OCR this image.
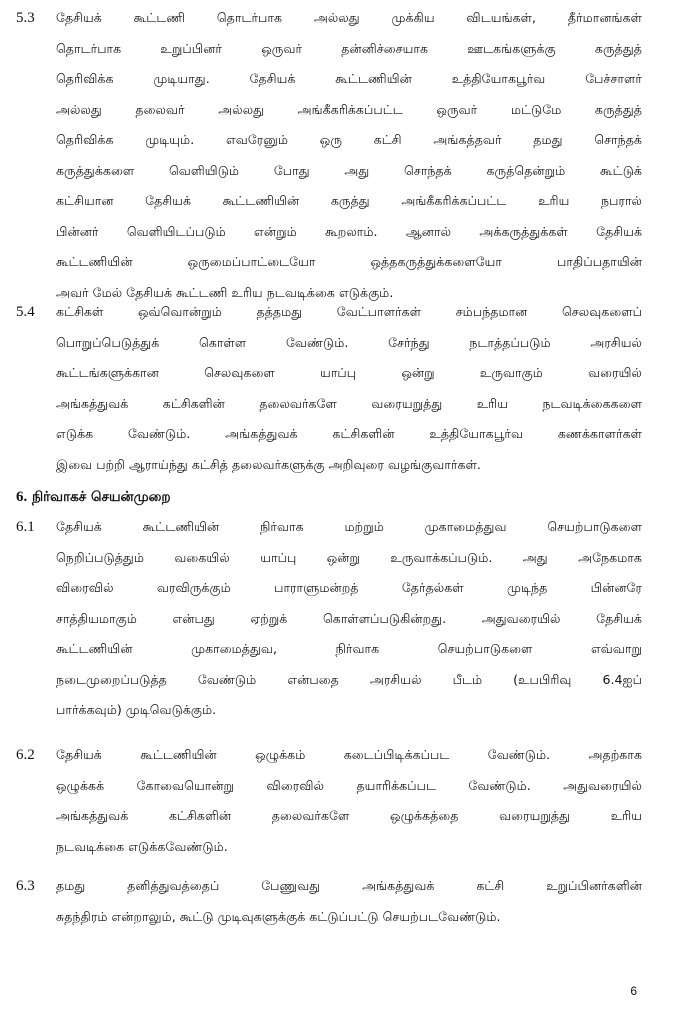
5.3	தேசியக் கூட்டணி தொடர்பாக அல்லது முக்கிய விடயங்கள், தீர்மானங்கள்
தொடர்பாக உறுப்பினர் ஒருவர் தன்னிச்சையாக ஊடகங்களுக்கு கருத்துத்
தெரிவிக்க முடியாது. தேசியக் கூட்டணியின் உத்தியோகபூர்வ பேச்சாளர்
அல்லது தலைவர் அல்லது அங்கீகரிக்கப்பட்ட ஒருவர் மட்டுமே கருத்துத்
தெரிவிக்க முடியும். எவரேனும் ஒரு கட்சி அங்கத்தவர் தமது சொந்தக்
கருத்துக்களை வெளியிடும் போது அது சொந்தக் கருத்தென்றும் கூட்டுக்
கட்சியான தேசியக் கூட்டணியின் கருத்து அங்கீகரிக்கப்பட்ட உரிய நபரால்
பின்னர் வெளியிடப்படும் என்றும் கூறலாம். ஆனால் அக்கருத்துக்கள் தேசியக்
கூட்டணியின் ஒருமைப்பாட்டையோ ஒத்தகருத்துக்களையோ பாதிப்பதாயின்
அவர் மேல் தேசியக் கூட்டணி உரிய நடவடிக்கை எடுக்கும்.
5.4	கட்சிகள் ஒவ்வொன்றும் தத்தமது வேட்பாளர்கள் சம்பந்தமான செலவுகளைப்
பொறுப்பெடுத்துக் கொள்ள வேண்டும். சேர்ந்து நடாத்தப்படும் அரசியல்
கூட்டங்களுக்கான செலவுகளை யாப்பு ஒன்று உருவாகும் வரையில்
அங்கத்துவக் கட்சிகளின் தலைவர்களே வரையறுத்து உரிய நடவடிக்கைகளை
எடுக்க வேண்டும். அங்கத்துவக் கட்சிகளின் உத்தியோகபூர்வ கணக்காளர்கள்
இவை பற்றி ஆராய்ந்து கட்சித் தலைவர்களுக்கு அறிவுரை வழங்குவார்கள்.
6. நிர்வாகச் செயன்முறை
6.1	தேசியக் கூட்டணியின் நிர்வாக மற்றும் முகாமைத்துவ செயற்பாடுகளை
நெறிப்படுத்தும் வகையில் யாப்பு ஒன்று உருவாக்கப்படும். அது அநேகமாக
விரைவில் வரவிருக்கும் பாராளுமன்றத் தேர்தல்கள் முடிந்த பின்னரே
சாத்தியமாகும் என்பது ஏற்றுக் கொள்ளப்படுகின்றது. அதுவரையில் தேசியக்
கூட்டணியின் முகாமைத்துவ, நிர்வாக செயற்பாடுகளை எவ்வாறு
நடைமுறைப்படுத்த வேண்டும் என்பதை அரசியல் பீடம் (உபபிரிவு 6.4ஐப்
பார்க்கவும்) முடிவெடுக்கும்.
6.2	தேசியக் கூட்டணியின் ஒழுக்கம் கடைப்பிடிக்கப்பட வேண்டும். அதற்காக
ஒழுக்கக் கோவையொன்று விரைவில் தயாரிக்கப்பட வேண்டும். அதுவரையில்
அங்கத்துவக் கட்சிகளின் தலைவர்களே ஒழுக்கத்தை வரையறுத்து உரிய
நடவடிக்கை எடுக்கவேண்டும்.
6.3	தமது தனித்துவத்தைப் பேணுவது அங்கத்துவக் கட்சி உறுப்பினர்களின்
சுதந்திரம் என்றாலும், கூட்டு முடிவுகளுக்குக் கட்டுப்பட்டு செயற்படவேண்டும்.
6
